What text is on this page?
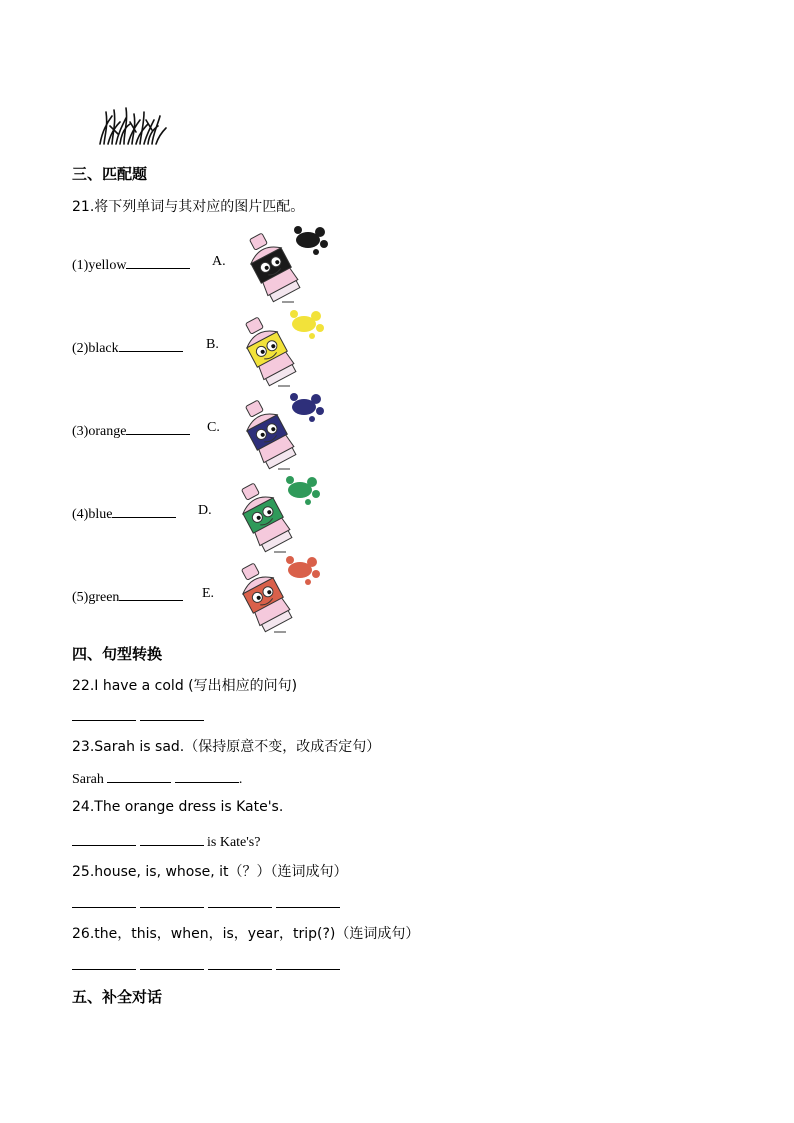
三、匹配题
21.将下列单词与其对应的图片匹配。
(1)yellow	A.
(2)black	B.
(3)orange	C.
(4)blue	D.
(5)green	E.
四、句型转换
22.I have a cold (写出相应的问句)
23.Sarah is sad.（保持原意不变，改成否定句）
Sarah	.
24.The orange dress is Kate's.
is Kate's?
25.house, is, whose, it（？）（连词成句）
26.the，this，when，is，year，trip(?)（连词成句）
五、补全对话
